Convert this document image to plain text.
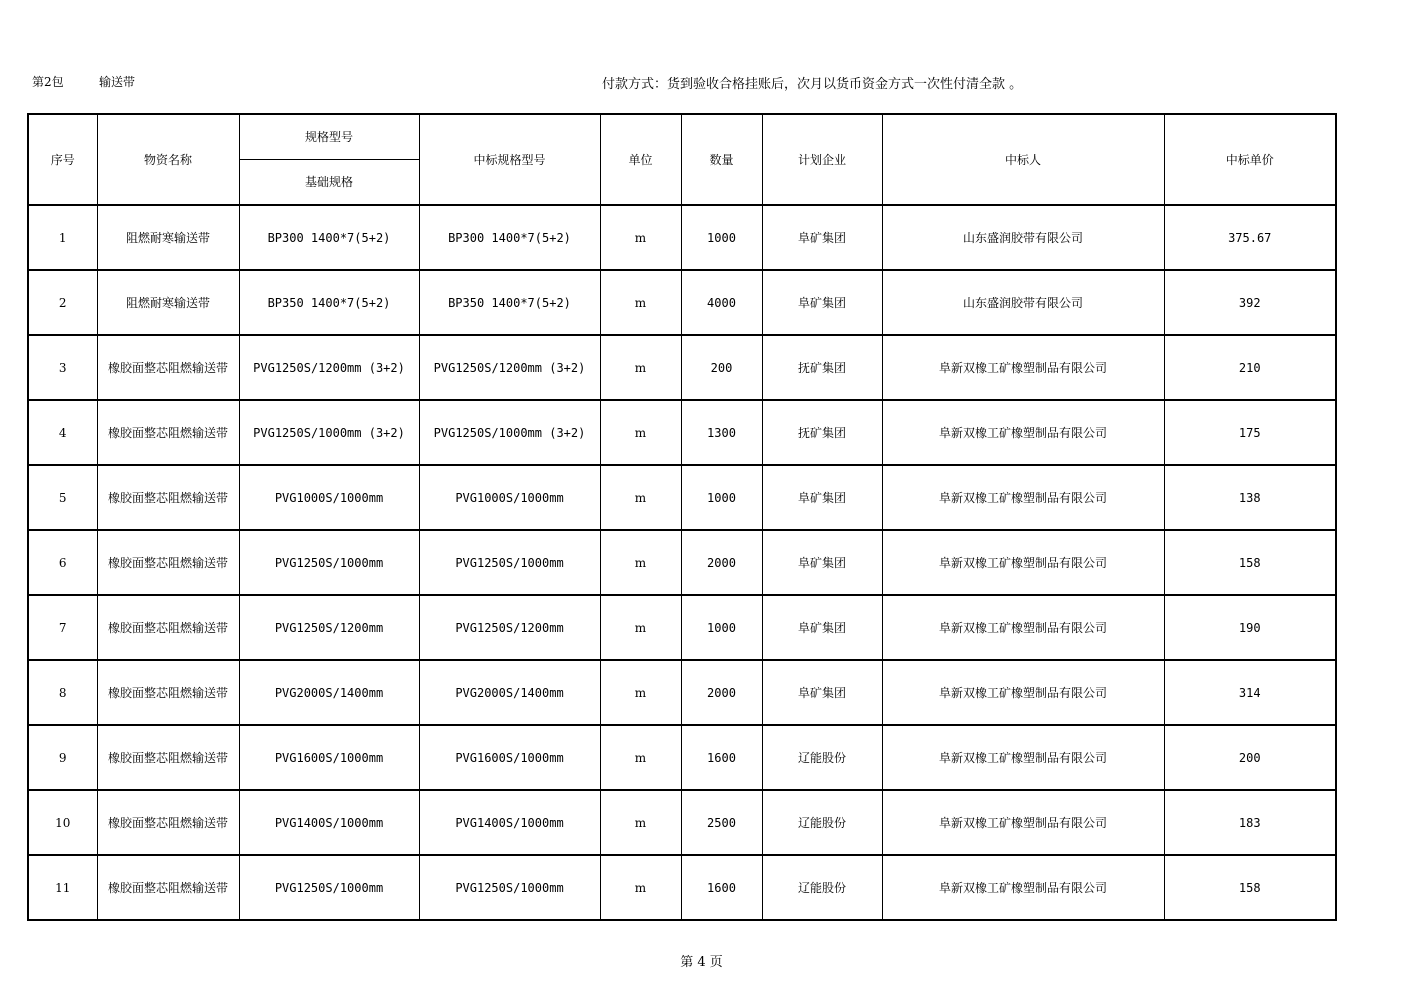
第2包	输送带	付款方式：货到验收合格挂账后，次月以货币资金方式一次性付清全款 。
序号	物资名称	规格型号	中标规格型号	单位	数量	计划企业	中标人	中标单价
		基础规格						
1	阻燃耐寒输送带	BP300 1400*7(5+2)	BP300 1400*7(5+2)	m	1000	阜矿集团	山东盛润胶带有限公司	375.67
2	阻燃耐寒输送带	BP350 1400*7(5+2)	BP350 1400*7(5+2)	m	4000	阜矿集团	山东盛润胶带有限公司	392
3	橡胶面整芯阻燃输送带	PVG1250S/1200mm (3+2)	PVG1250S/1200mm (3+2)	m	200	抚矿集团	阜新双橡工矿橡塑制品有限公司	210
4	橡胶面整芯阻燃输送带	PVG1250S/1000mm (3+2)	PVG1250S/1000mm (3+2)	m	1300	抚矿集团	阜新双橡工矿橡塑制品有限公司	175
5	橡胶面整芯阻燃输送带	PVG1000S/1000mm	PVG1000S/1000mm	m	1000	阜矿集团	阜新双橡工矿橡塑制品有限公司	138
6	橡胶面整芯阻燃输送带	PVG1250S/1000mm	PVG1250S/1000mm	m	2000	阜矿集团	阜新双橡工矿橡塑制品有限公司	158
7	橡胶面整芯阻燃输送带	PVG1250S/1200mm	PVG1250S/1200mm	m	1000	阜矿集团	阜新双橡工矿橡塑制品有限公司	190
8	橡胶面整芯阻燃输送带	PVG2000S/1400mm	PVG2000S/1400mm	m	2000	阜矿集团	阜新双橡工矿橡塑制品有限公司	314
9	橡胶面整芯阻燃输送带	PVG1600S/1000mm	PVG1600S/1000mm	m	1600	辽能股份	阜新双橡工矿橡塑制品有限公司	200
10	橡胶面整芯阻燃输送带	PVG1400S/1000mm	PVG1400S/1000mm	m	2500	辽能股份	阜新双橡工矿橡塑制品有限公司	183
11	橡胶面整芯阻燃输送带	PVG1250S/1000mm	PVG1250S/1000mm	m	1600	辽能股份	阜新双橡工矿橡塑制品有限公司	158
第 4 页
